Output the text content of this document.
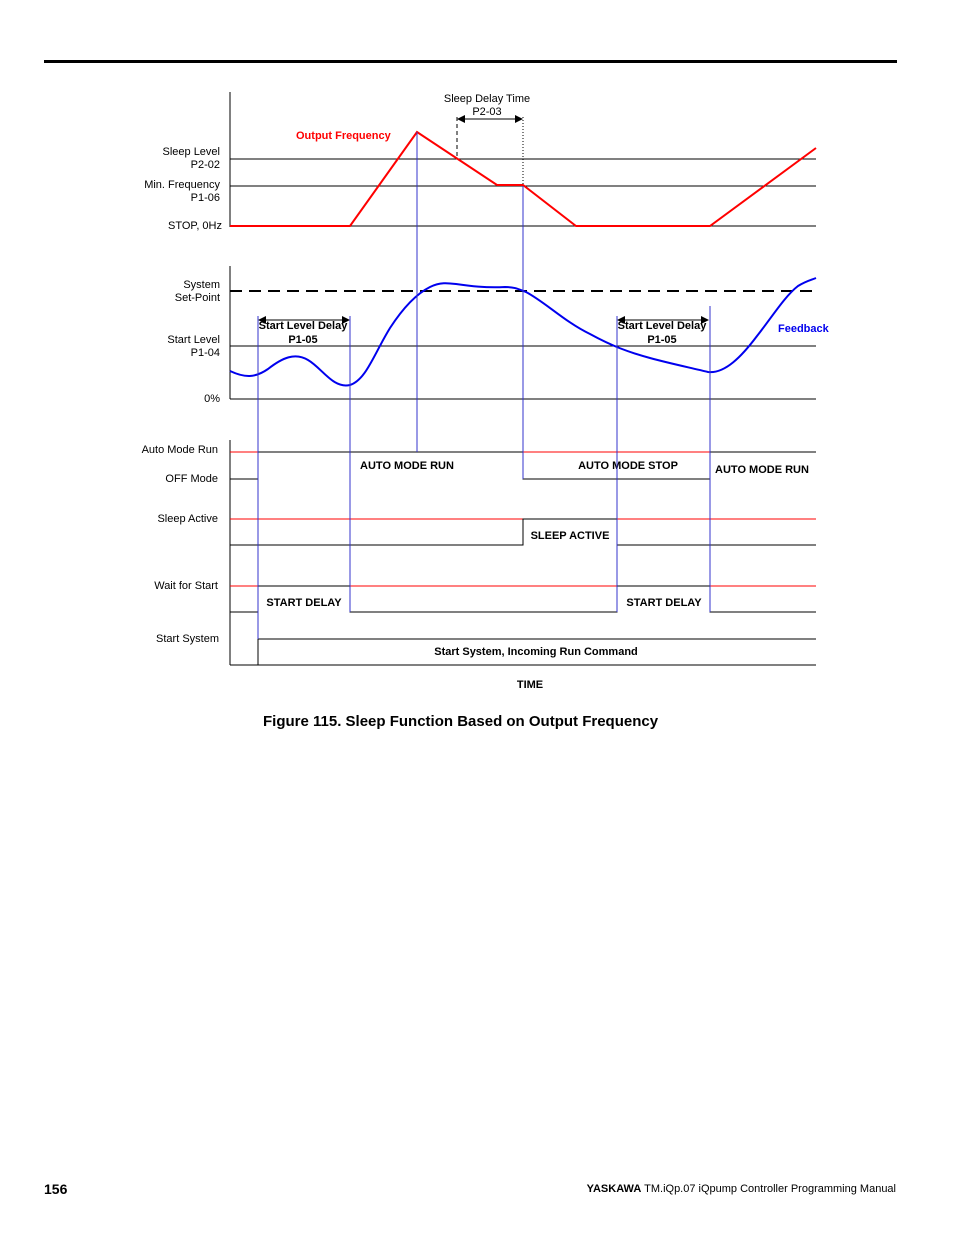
Sleep Level
P2-02
Min. Frequency
P1-06
STOP, 0Hz
Sleep Delay Time
P2-03
Output Frequency
System
Set-Point
Start Level
P1-04
0%
Start Level Delay
P1-05
Start Level Delay
P1-05
Feedback
Auto Mode Run
OFF Mode
Sleep Active
Wait for Start
Start System
AUTO MODE RUN	AUTO MODE STOP	AUTO MODE RUN
SLEEP ACTIVE
START DELAY	START DELAY
Start System, Incoming Run Command
TIME
Figure 115. Sleep Function Based on Output Frequency
156	YASKAWA TM.iQp.07 iQpump Controller Programming Manual
